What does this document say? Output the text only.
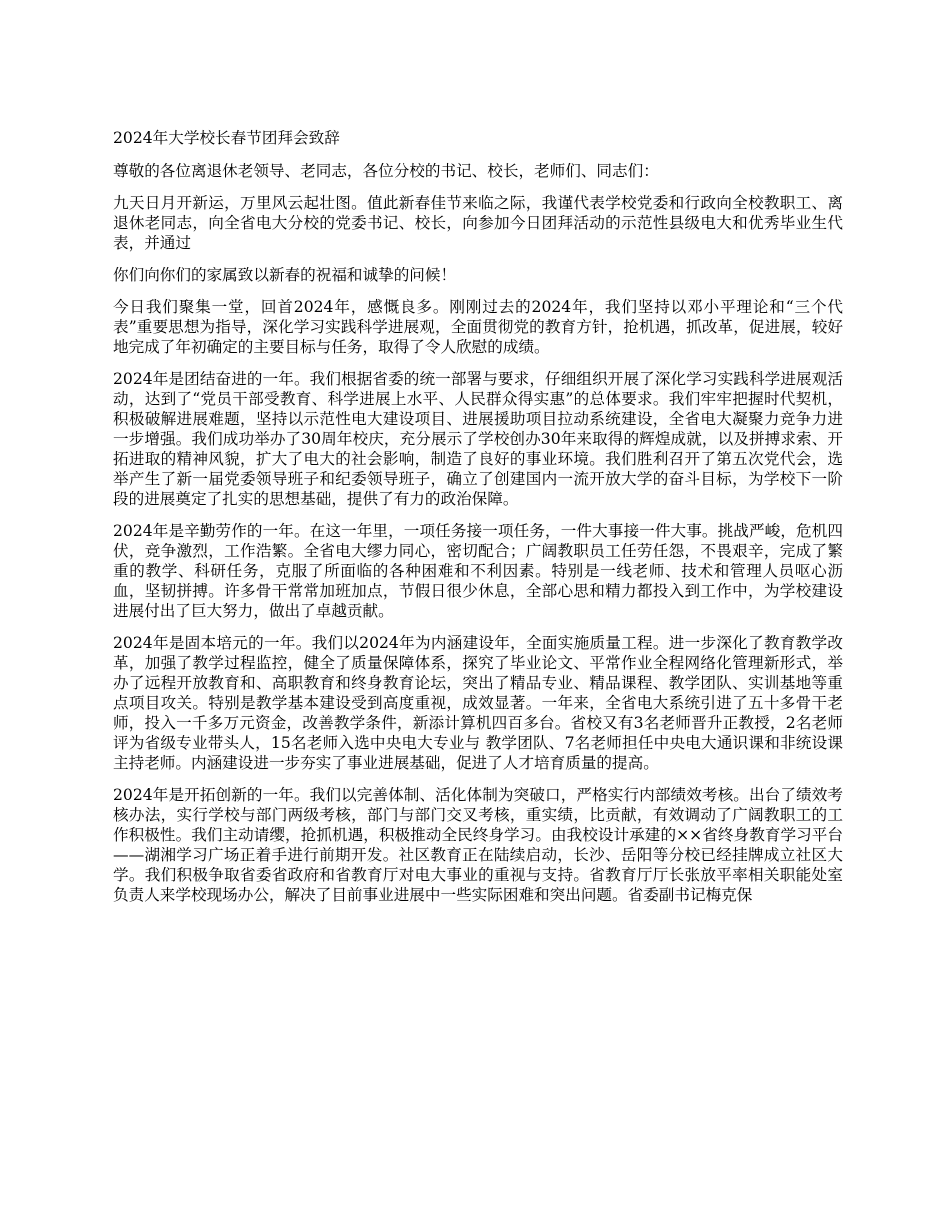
2024年大学校长春节团拜会致辞

尊敬的各位离退休老领导、老同志，各位分校的书记、校长，老师们、同志们：

九天日月开新运，万里风云起壮图。值此新春佳节来临之际，我谨代表学校党委和行政向全校教职工、离退休老同志，向全省电大分校的党委书记、校长，向参加今日团拜活动的示范性县级电大和优秀毕业生代表，并通过

你们向你们的家属致以新春的祝福和诚挚的问候！

今日我们聚集一堂，回首2024年，感慨良多。刚刚过去的2024年，我们坚持以邓小平理论和“三个代表”重要思想为指导，深化学习实践科学进展观，全面贯彻党的教育方针，抢机遇，抓改革，促进展，较好地完成了年初确定的主要目标与任务，取得了令人欣慰的成绩。

2024年是团结奋进的一年。我们根据省委的统一部署与要求，仔细组织开展了深化学习实践科学进展观活动，达到了“党员干部受教育、科学进展上水平、人民群众得实惠”的总体要求。我们牢牢把握时代契机，积极破解进展难题，坚持以示范性电大建设项目、进展援助项目拉动系统建设，全省电大凝聚力竞争力进一步增强。我们成功举办了30周年校庆，充分展示了学校创办30年来取得的辉煌成就，以及拼搏求索、开拓进取的精神风貌，扩大了电大的社会影响，制造了良好的事业环境。我们胜利召开了第五次党代会，选举产生了新一届党委领导班子和纪委领导班子，确立了创建国内一流开放大学的奋斗目标，为学校下一阶段的进展奠定了扎实的思想基础，提供了有力的政治保障。

2024年是辛勤劳作的一年。在这一年里，一项任务接一项任务，一件大事接一件大事。挑战严峻，危机四伏，竞争激烈，工作浩繁。全省电大缪力同心，密切配合；广阔教职员工任劳任怨，不畏艰辛，完成了繁重的教学、科研任务，克服了所面临的各种困难和不利因素。特别是一线老师、技术和管理人员呕心沥血，坚韧拼搏。许多骨干常常加班加点，节假日很少休息，全部心思和精力都投入到工作中，为学校建设进展付出了巨大努力，做出了卓越贡献。

2024年是固本培元的一年。我们以2024年为内涵建设年，全面实施质量工程。进一步深化了教育教学改革，加强了教学过程监控，健全了质量保障体系，探究了毕业论文、平常作业全程网络化管理新形式，举办了远程开放教育和、高职教育和终身教育论坛，突出了精品专业、精品课程、教学团队、实训基地等重点项目攻关。特别是教学基本建设受到高度重视，成效显著。一年来，全省电大系统引进了五十多骨干老师，投入一千多万元资金，改善教学条件，新添计算机四百多台。省校又有3名老师晋升正教授，2名老师评为省级专业带头人，15名老师入选中央电大专业与 教学团队、7名老师担任中央电大通识课和非统设课主持老师。内涵建设进一步夯实了事业进展基础，促进了人才培育质量的提高。

2024年是开拓创新的一年。我们以完善体制、活化体制为突破口，严格实行内部绩效考核。出台了绩效考核办法，实行学校与部门两级考核，部门与部门交叉考核，重实绩，比贡献，有效调动了广阔教职工的工作积极性。我们主动请缨，抢抓机遇，积极推动全民终身学习。由我校设计承建的××省终身教育学习平台——湖湘学习广场正着手进行前期开发。社区教育正在陆续启动，长沙、岳阳等分校已经挂牌成立社区大学。我们积极争取省委省政府和省教育厅对电大事业的重视与支持。省教育厅厅长张放平率相关职能处室负责人来学校现场办公，解决了目前事业进展中一些实际困难和突出问题。省委副书记梅克保
